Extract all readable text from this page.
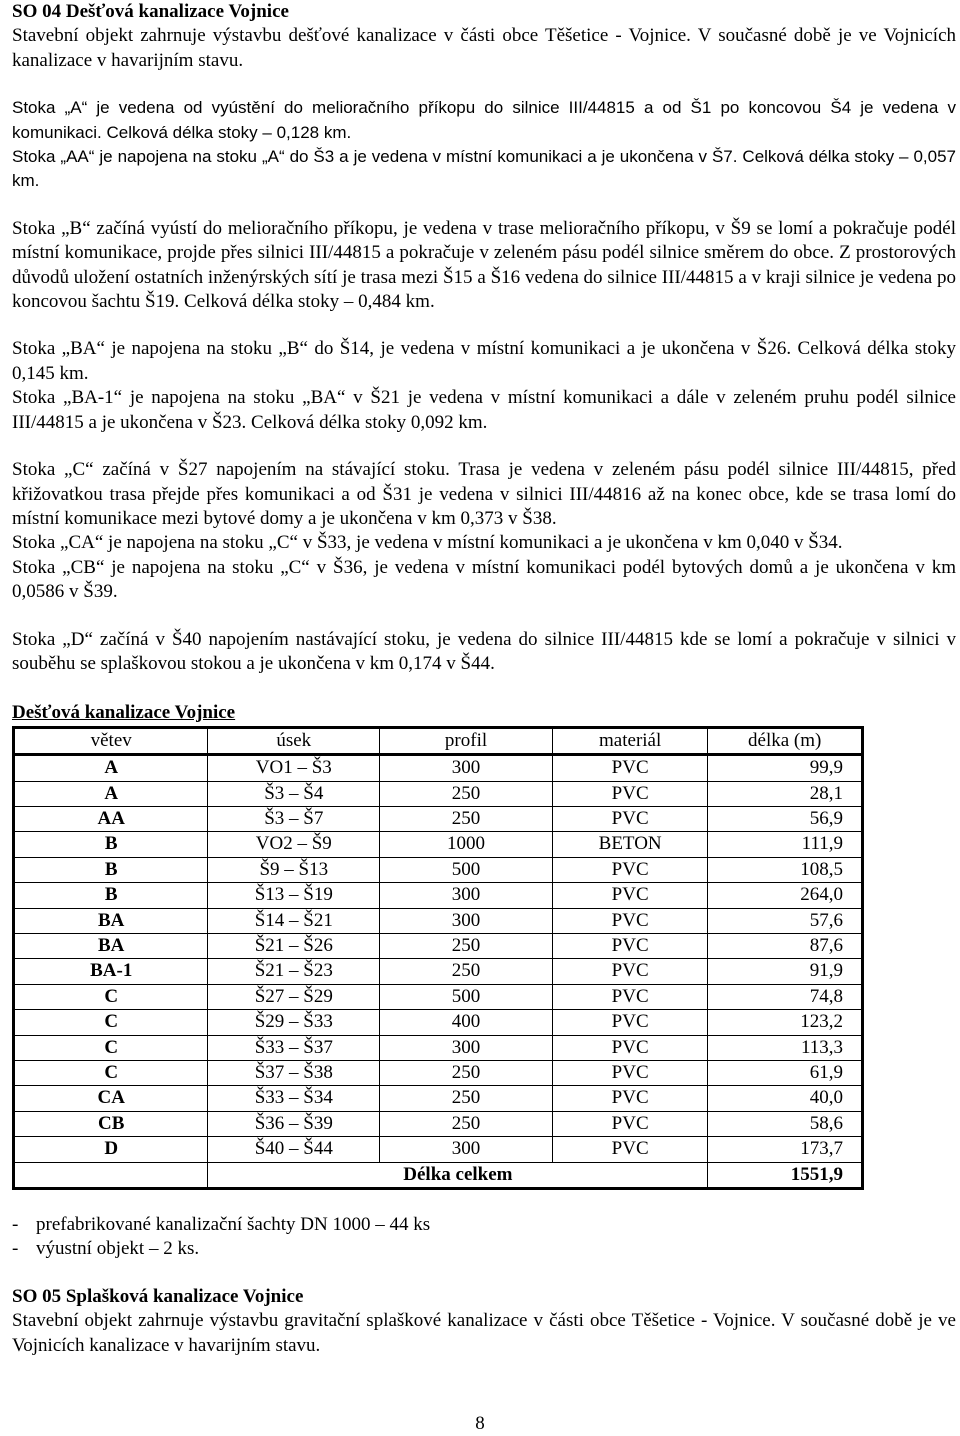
SO 04 Dešťová kanalizace Vojnice

Stavební objekt zahrnuje výstavbu dešťové kanalizace v části obce Těšetice - Vojnice. V současné době je ve Vojnicích kanalizace v havarijním stavu.

Stoka „A“ je vedena od vyústění do melioračního příkopu do silnice III/44815 a od Š1 po koncovou Š4 je vedena v komunikaci. Celková délka stoky – 0,128 km.

Stoka „AA“ je napojena na stoku „A“ do Š3 a je vedena v místní komunikaci a je ukončena v Š7. Celková délka stoky – 0,057 km.

Stoka „B“ začíná vyústí do melioračního příkopu, je vedena v trase melioračního příkopu, v Š9 se lomí a pokračuje podél místní komunikace, projde přes silnici III/44815 a pokračuje v zeleném pásu podél silnice směrem do obce. Z prostorových důvodů uložení ostatních inženýrských sítí je trasa mezi Š15 a Š16 vedena do silnice III/44815 a v kraji silnice je vedena po koncovou šachtu Š19. Celková délka stoky – 0,484 km.

Stoka „BA“ je napojena na stoku „B“ do Š14, je vedena v místní komunikaci a je ukončena v Š26. Celková délka stoky 0,145 km.

Stoka „BA-1“ je napojena na stoku „BA“ v Š21 je vedena v místní komunikaci a dále v zeleném pruhu podél silnice III/44815 a je ukončena v Š23. Celková délka stoky 0,092 km.

Stoka „C“ začíná v Š27 napojením na stávající stoku. Trasa je vedena v zeleném pásu podél silnice III/44815, před křižovatkou trasa přejde přes komunikaci a od Š31 je vedena v silnici III/44816 až na konec obce, kde se trasa lomí do místní komunikace mezi bytové domy a je ukončena v km 0,373 v Š38.

Stoka „CA“ je napojena na stoku „C“ v Š33, je vedena v místní komunikaci a je ukončena v km 0,040 v Š34.

Stoka „CB“ je napojena na stoku „C“ v Š36, je vedena v místní komunikaci podél bytových domů a je ukončena v km 0,0586 v Š39.

Stoka „D“ začíná v Š40 napojením nastávající stoku, je vedena do silnice III/44815 kde se lomí a pokračuje v silnici v souběhu se splaškovou stokou a je ukončena v km 0,174 v Š44.

Dešťová kanalizace Vojnice

větev	úsek	profil	materiál	délka (m)
A	VO1 – Š3	300	PVC	99,9
A	Š3 – Š4	250	PVC	28,1
AA	Š3 – Š7	250	PVC	56,9
B	VO2 – Š9	1000	BETON	111,9
B	Š9 – Š13	500	PVC	108,5
B	Š13 – Š19	300	PVC	264,0
BA	Š14 – Š21	300	PVC	57,6
BA	Š21 – Š26	250	PVC	87,6
BA-1	Š21 – Š23	250	PVC	91,9
C	Š27 – Š29	500	PVC	74,8
C	Š29 – Š33	400	PVC	123,2
C	Š33 – Š37	300	PVC	113,3
C	Š37 – Š38	250	PVC	61,9
CA	Š33 – Š34	250	PVC	40,0
CB	Š36 – Š39	250	PVC	58,6
D	Š40 – Š44	300	PVC	173,7
	Délka celkem			1551,9
- prefabrikované kanalizační šachty DN 1000 – 44 ks
- výustní objekt – 2 ks.

SO 05 Splašková kanalizace Vojnice

Stavební objekt zahrnuje výstavbu gravitační splaškové kanalizace v části obce Těšetice - Vojnice. V současné době je ve Vojnicích kanalizace v havarijním stavu.

8
